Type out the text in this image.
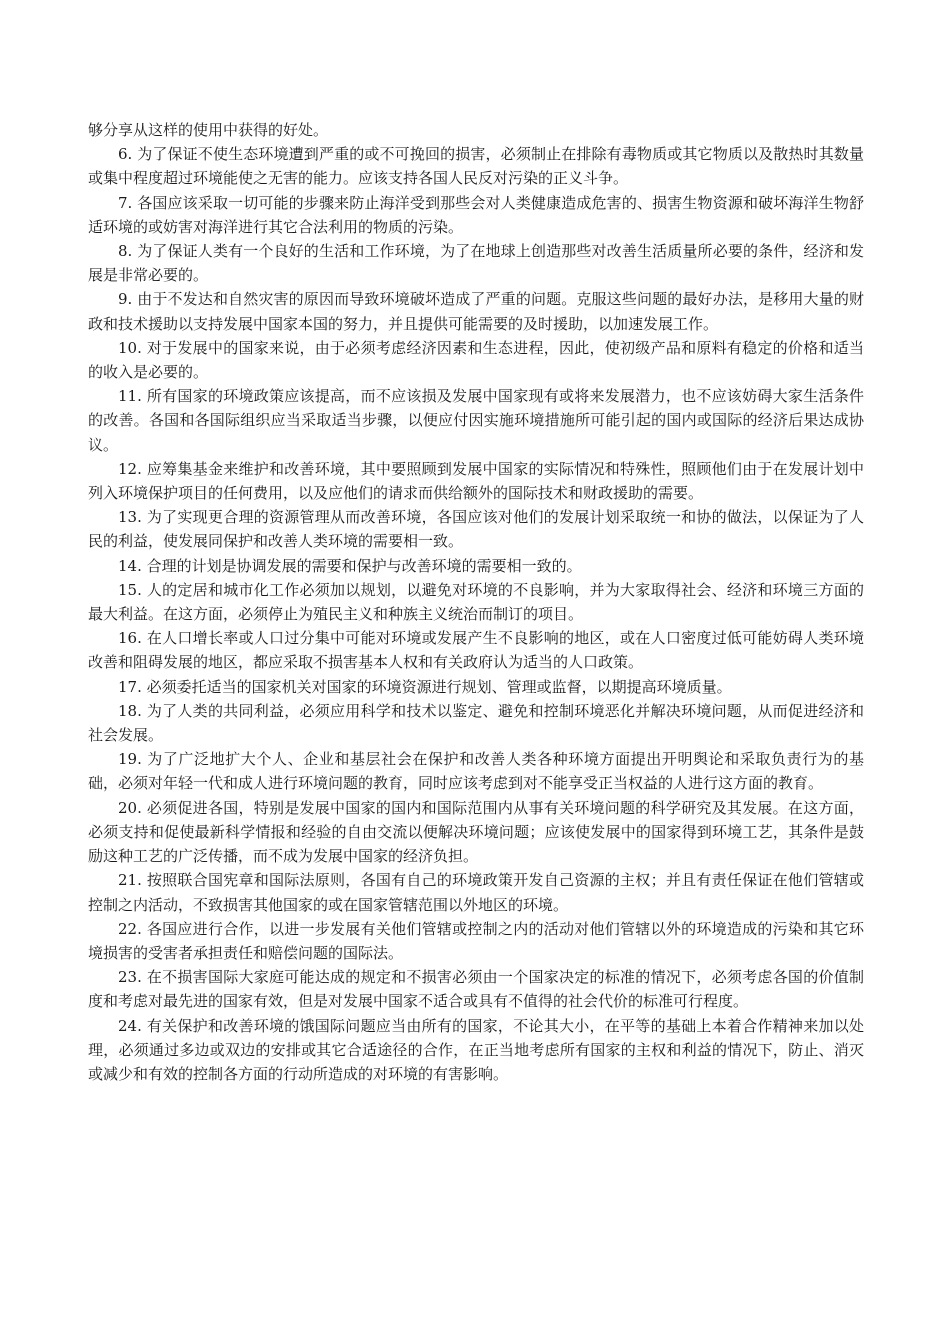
够分享从这样的使用中获得的好处。

6. 为了保证不使生态环境遭到严重的或不可挽回的损害，必须制止在排除有毒物质或其它物质以及散热时其数量或集中程度超过环境能使之无害的能力。应该支持各国人民反对污染的正义斗争。

7. 各国应该采取一切可能的步骤来防止海洋受到那些会对人类健康造成危害的、损害生物资源和破坏海洋生物舒适环境的或妨害对海洋进行其它合法利用的物质的污染。

8. 为了保证人类有一个良好的生活和工作环境，为了在地球上创造那些对改善生活质量所必要的条件，经济和发展是非常必要的。

9. 由于不发达和自然灾害的原因而导致环境破坏造成了严重的问题。克服这些问题的最好办法，是移用大量的财政和技术援助以支持发展中国家本国的努力，并且提供可能需要的及时援助，以加速发展工作。

10. 对于发展中的国家来说，由于必须考虑经济因素和生态进程，因此，使初级产品和原料有稳定的价格和适当的收入是必要的。

11. 所有国家的环境政策应该提高，而不应该损及发展中国家现有或将来发展潜力，也不应该妨碍大家生活条件的改善。各国和各国际组织应当采取适当步骤，以便应付因实施环境措施所可能引起的国内或国际的经济后果达成协议。

12. 应筹集基金来维护和改善环境，其中要照顾到发展中国家的实际情况和特殊性，照顾他们由于在发展计划中列入环境保护项目的任何费用，以及应他们的请求而供给额外的国际技术和财政援助的需要。

13. 为了实现更合理的资源管理从而改善环境，各国应该对他们的发展计划采取统一和协的做法，以保证为了人民的利益，使发展同保护和改善人类环境的需要相一致。

14. 合理的计划是协调发展的需要和保护与改善环境的需要相一致的。

15. 人的定居和城市化工作必须加以规划，以避免对环境的不良影响，并为大家取得社会、经济和环境三方面的最大利益。在这方面，必须停止为殖民主义和种族主义统治而制订的项目。

16. 在人口增长率或人口过分集中可能对环境或发展产生不良影响的地区，或在人口密度过低可能妨碍人类环境改善和阻碍发展的地区，都应采取不损害基本人权和有关政府认为适当的人口政策。

17. 必须委托适当的国家机关对国家的环境资源进行规划、管理或监督，以期提高环境质量。

18. 为了人类的共同利益，必须应用科学和技术以鉴定、避免和控制环境恶化并解决环境问题，从而促进经济和社会发展。

19. 为了广泛地扩大个人、企业和基层社会在保护和改善人类各种环境方面提出开明舆论和采取负责行为的基础，必须对年轻一代和成人进行环境问题的教育，同时应该考虑到对不能享受正当权益的人进行这方面的教育。

20. 必须促进各国，特别是发展中国家的国内和国际范围内从事有关环境问题的科学研究及其发展。在这方面，必须支持和促使最新科学情报和经验的自由交流以便解决环境问题；应该使发展中的国家得到环境工艺，其条件是鼓励这种工艺的广泛传播，而不成为发展中国家的经济负担。

21. 按照联合国宪章和国际法原则，各国有自己的环境政策开发自己资源的主权；并且有责任保证在他们管辖或控制之内活动，不致损害其他国家的或在国家管辖范围以外地区的环境。

22. 各国应进行合作，以进一步发展有关他们管辖或控制之内的活动对他们管辖以外的环境造成的污染和其它环境损害的受害者承担责任和赔偿问题的国际法。

23. 在不损害国际大家庭可能达成的规定和不损害必须由一个国家决定的标准的情况下，必须考虑各国的价值制度和考虑对最先进的国家有效，但是对发展中国家不适合或具有不值得的社会代价的标准可行程度。

24. 有关保护和改善环境的饿国际问题应当由所有的国家，不论其大小，在平等的基础上本着合作精神来加以处理，必须通过多边或双边的安排或其它合适途径的合作，在正当地考虑所有国家的主权和利益的情况下，防止、消灭或减少和有效的控制各方面的行动所造成的对环境的有害影响。
